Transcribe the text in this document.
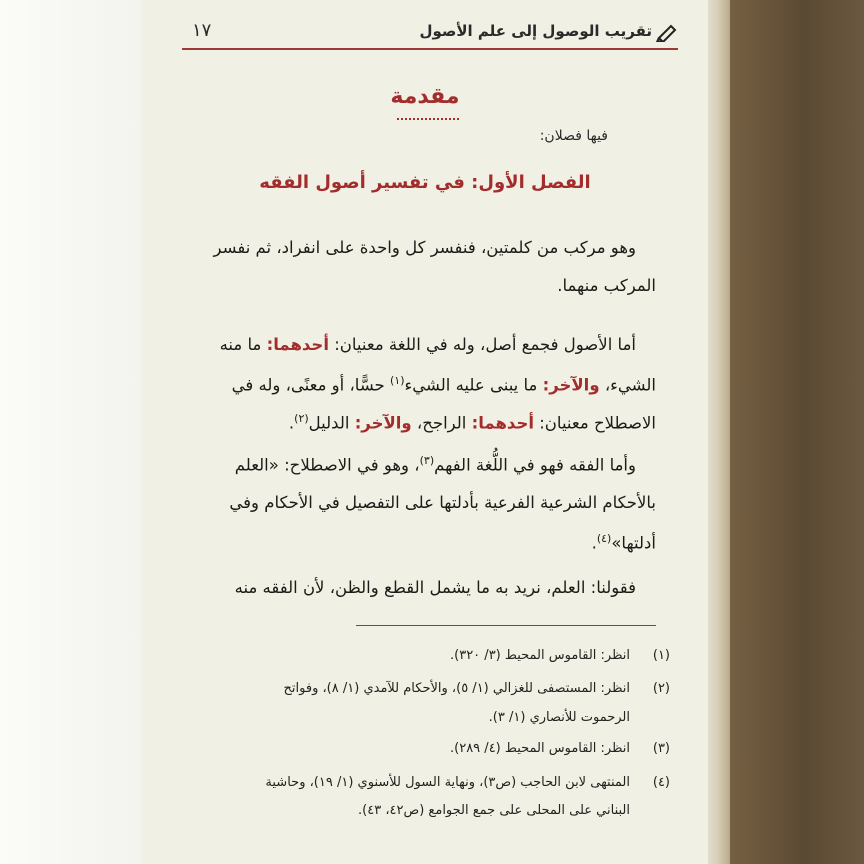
تقريب الوصول إلى علم الأصول
١٧
مقدمة
فيها فصلان:
الفصل الأول: في تفسير أصول الفقه
وهو مركب من كلمتين، فنفسر كل واحدة على انفراد، ثم نفسر
المركب منهما.
أما الأصول فجمع أصل، وله في اللغة معنيان: أحدهما: ما منه
الشيء، والآخر: ما يبنى عليه الشيء$^{(١)}$ حسًّا، أو معنًى، وله في
الاصطلاح معنيان: أحدهما: الراجح، والآخر: الدليل$^{(٢)}$.
وأما الفقه فهو في اللُّغة الفهم$^{(٣)}$، وهو في الاصطلاح: «العلم
بالأحكام الشرعية الفرعية بأدلتها على التفصيل في الأحكام وفي
أدلتها»$^{(٤)}$.
فقولنا: العلم، نريد به ما يشمل القطع والظن، لأن الفقه منه
(١)
انظر: القاموس المحيط (٣/ ٣٢٠).
(٢)
انظر: المستصفى للغزالي (١/ ٥)، والأحكام للآمدي (١/ ٨)، وفواتح
الرحموت للأنصاري (١/ ٣).
(٣)
انظر: القاموس المحيط (٤/ ٢٨٩).
(٤)
المنتهى لابن الحاجب (ص٣)، ونهاية السول للأسنوي (١/ ١٩)، وحاشية
البناني على المحلى على جمع الجوامع (ص٤٢، ٤٣).
